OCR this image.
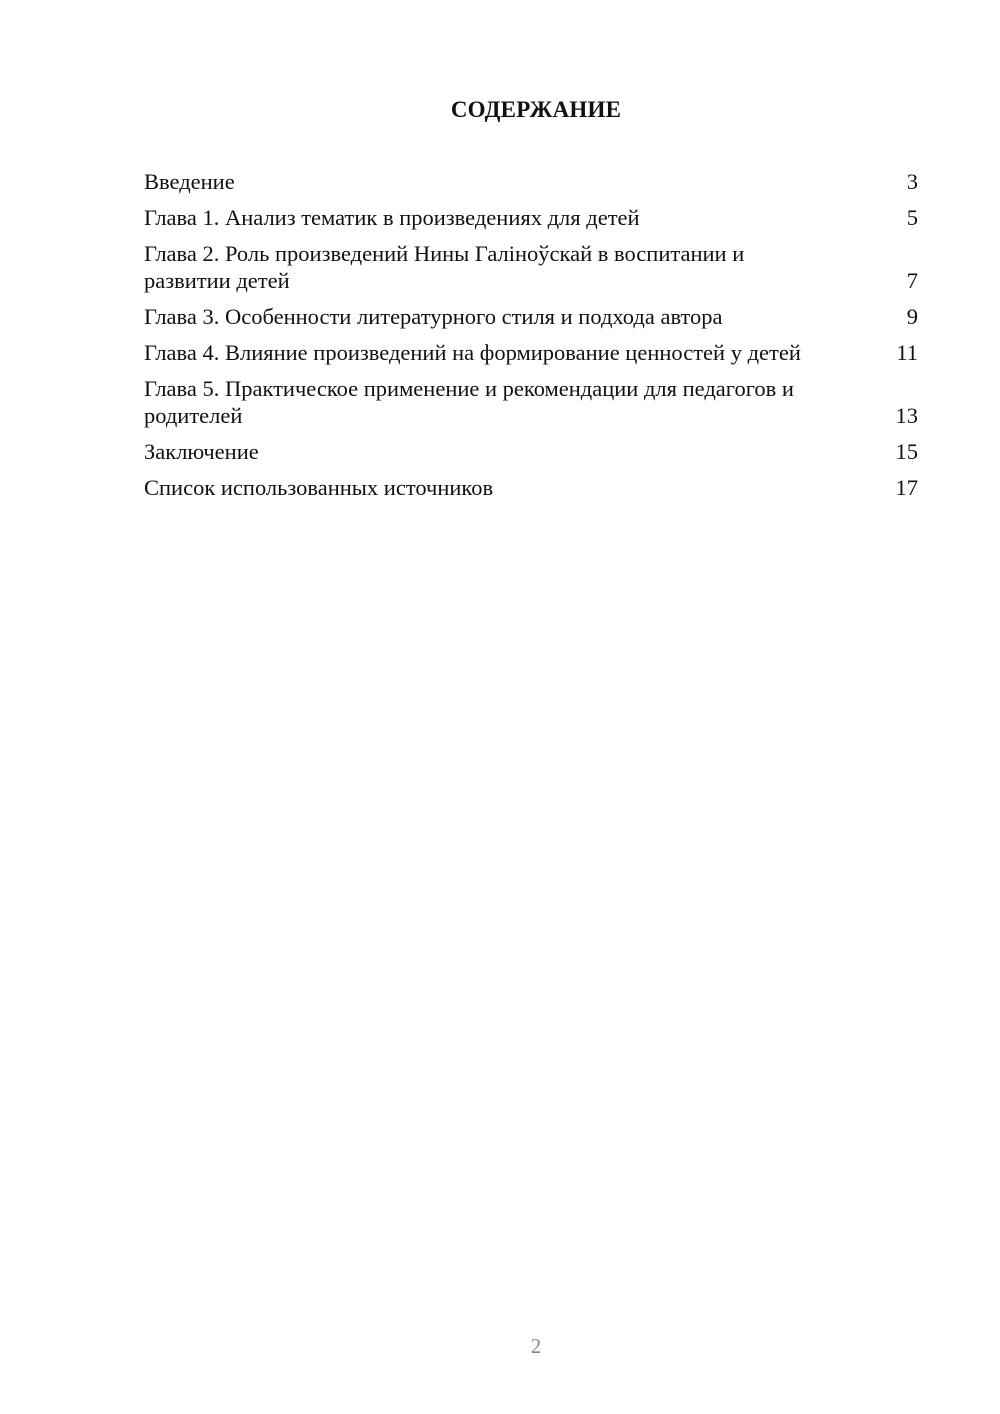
СОДЕРЖАНИЕ
Введение	3
Глава 1. Анализ тематик в произведениях для детей	5
Глава 2. Роль произведений Нины Галіноўскай в воспитании и развитии детей	7
Глава 3. Особенности литературного стиля и подхода автора	9
Глава 4. Влияние произведений на формирование ценностей у детей	11
Глава 5. Практическое применение и рекомендации для педагогов и родителей	13
Заключение	15
Список использованных источников	17
2
